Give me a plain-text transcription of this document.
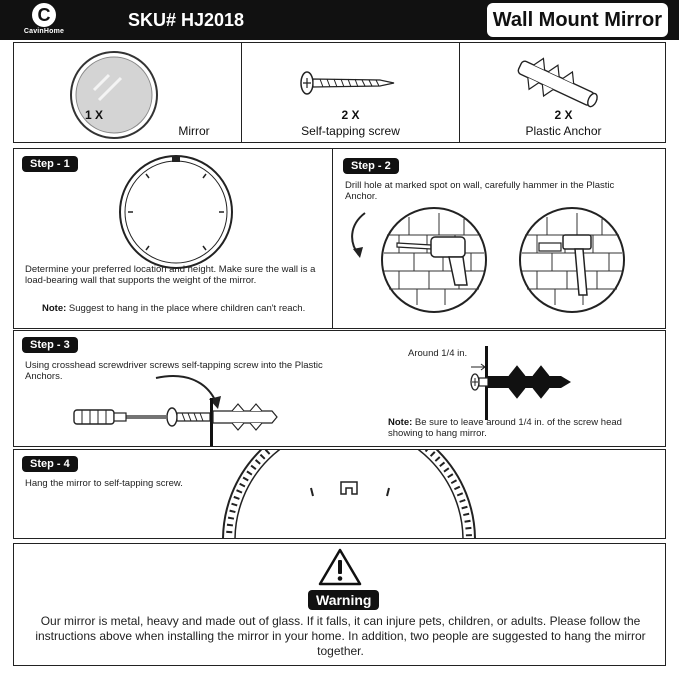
C
CavinHome
SKU# HJ2018	Wall Mount Mirror
1 X
Mirror
2 X
Self-tapping screw
2 X
Plastic Anchor
Step - 1
Determine your preferred location and height. Make sure the wall is a load-bearing wall that supports the weight of the mirror.
Note: Suggest to hang in the place where children can't reach.
Step - 2
Drill hole at marked spot on wall, carefully hammer in the Plastic Anchor.
Step - 3
Using crosshead screwdriver screws self-tapping screw into the Plastic Anchors.
Around 1/4 in.
Note: Be sure to leave around 1/4 in. of the screw head showing to hang mirror.
Step - 4
Hang the mirror to self-tapping screw.
Warning
Our mirror is metal, heavy and made out of glass. If it falls, it can injure pets, children, or adults. Please follow the instructions above when installing the mirror in your home. In addition, two people are suggested to hang the mirror together.
